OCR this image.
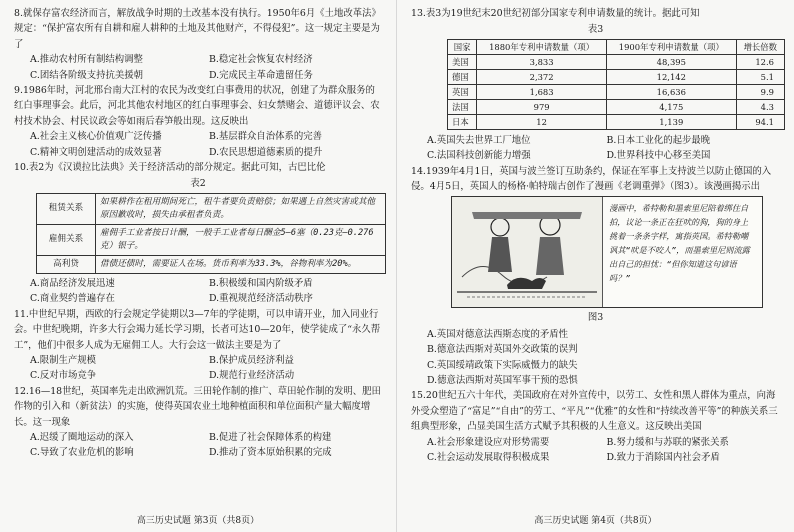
8.就保存富农经济而言，解放战争时期的土改基本没有执行。1950年6月《土地改革法》规定：“保护富农所有自耕和雇人耕种的土地及其他财产，不得侵犯”。这一规定主要是为了

A.推动农村所有制结构调整	B.稳定社会恢复农村经济
C.团结各阶级支持抗美援朝	D.完成民主革命遗留任务

9.1986年时，河北邢台南大江村的农民为改变红白事费用的状况，创建了为群众服务的红白事理事会。此后，河北其他农村地区的红白事理事会、妇女禁赌会、道德评议会、农村技术协会、村民议政会等如雨后春笋般出现。这反映出

A.社会主义核心价值观广泛传播	B.基层群众自治体系的完善
C.精神文明创建活动的成效显著	D.农民思想道德素质的提升

10.表2为《汉谟拉比法典》关于经济活动的部分规定。据此可知，古巴比伦

表2

租赁关系	如果耕作在租用期间死亡，租牛者要负责赔偿；如果遇上自然灾害或其他原因歉收时，损失由承租者负责。
雇佣关系	雇佣手工业者按日计酬，一般手工业者每日酬金5—6塞（0.23克—0.276克）银子。
高利贷	借债还债时，需要证人在场。货币利率为33.3%，谷物利率为20%。
A.商品经济发展迅速	B.积极缓和国内阶级矛盾
C.商业契约普遍存在	D.重视规范经济活动秩序

11.中世纪早期，西欧的行会规定学徒期以3—7年的学徒期，可以申请开业，加入同业行会。中世纪晚期，许多大行会竭力延长学习期，长者可达10—20年，使学徒成了“永久帮工”，他们中很多人成为无雇佣工人。大行会这一做法主要是为了

A.限制生产规模	B.保护成员经济利益
C.反对市场竞争	D.规范行业经济活动

12.16—18世纪，英国率先走出欧洲饥荒。三田轮作制的推广、草田轮作制的发明、肥田作物的引入和（新贫法）的实施，使得英国农业土地种植面积和单位面积产量大幅度增长。这一现象

A.迟缓了圈地运动的深入	B.促进了社会保障体系的构建
C.导致了农业危机的影响	D.推动了资本原始积累的完成
高三历史试题 第3页（共8页）

13.表3为19世纪末20世纪初部分国家专利申请数量的统计。据此可知

表3

国家	1880年专利申请数量（项）	1900年专利申请数量（项）	增长倍数
美国	3,833	48,395	12.6
德国	2,372	12,142	5.1
英国	1,683	16,636	9.9
法国	979	4,175	4.3
日本	12	1,139	94.1
A.英国失去世界工厂地位	B.日本工业化的起步最晚
C.法国科技创新能力增强	D.世界科技中心移至美国

14.1939年4月1日，英国与波兰签订互助条约，保证在军事上支持波兰以防止德国的入侵。4月5日，英国人的杨格·帕特瑞古创作了漫画《老调重弹》（图3）。该漫画揭示出

漫画中，希特勒和墨索里尼陪着绑住自拍，议论一条正在狂吠的狗，狗的身上挑着一条条字样，寓指英国。希特勒嘲讽其“吠是不咬人”，而墨索里尼则流露出自己的担忧：“但你知道这句谚语吗？”

图3

A.英国对德意法西斯态度的矛盾性
B.德意法西斯对英国外交政策的误判
C.英国绥靖政策下实际威慑力的缺失
D.德意法西斯对英国军事干预的恐惧

15.20世纪五六十年代，美国政府在对外宣传中，以劳工、女性和黑人群体为重点，向海外受众塑造了“富足”“自由”的劳工、“平凡”“优雅”的女性和“持续改善平等”的种族关系三组典型形象，凸显美国生活方式赋予其积极的人生意义。这反映出美国

A.社会形象建设应对形势需要	B.努力缓和与苏联的紧张关系
C.社会运动发展取得积极成果	D.致力于消除国内社会矛盾
高三历史试题 第4页（共8页）
